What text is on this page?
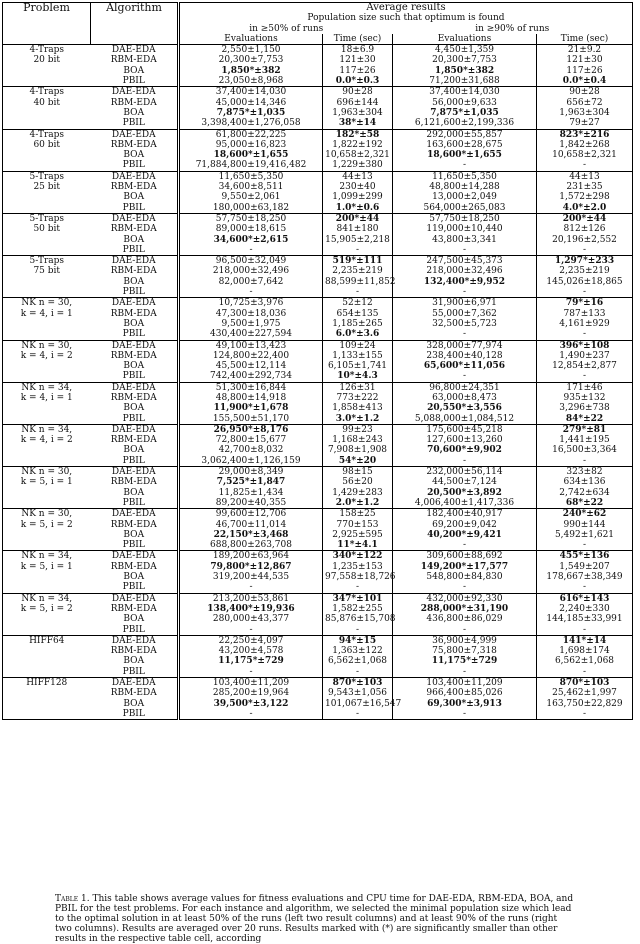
Problem	Algorithm	Average results			
		Population size such that optimum is found			
		in ≥50% of runs		in ≥90% of runs	
		Evaluations	Time (sec)	Evaluations	Time (sec)

4-Traps
20 bit	DAE-EDA	2,550±1,150	18±6.9	4,450±1,359	21±9.2
	RBM-EDA	20,300±7,753	121±30	20,300±7,753	121±30
	BOA	1,850*±382	117±26	1,850*±382	117±26
	PBIL	23,050±8,968	0.0*±0.3	71,200±31,688	0.0*±0.4

4-Traps
40 bit	DAE-EDA	37,400±14,030	90±28	37,400±14,030	90±28
	RBM-EDA	45,000±14,346	696±144	56,000±9,633	656±72
	BOA	7,875*±1,035	1,963±304	7,875*±1,035	1,963±304
	PBIL	3,398,400±1,276,058	38*±14	6,121,600±2,199,336	79±27

4-Traps
60 bit	DAE-EDA	61,800±22,225	182*±58	292,000±55,857	823*±216
	RBM-EDA	95,000±16,823	1,822±192	163,600±28,675	1,842±268
	BOA	18,600*±1,655	10,658±2,321	18,600*±1,655	10,658±2,321
	PBIL	71,884,800±19,416,482	1,229±380	-	-

5-Traps
25 bit	DAE-EDA	11,650±5,350	44±13	11,650±5,350	44±13
	RBM-EDA	34,600±8,511	230±40	48,800±14,288	231±35
	BOA	9,550±2,061	1,099±299	13,000±2,049	1,572±298
	PBIL	180,000±63,182	1.0*±0.6	564,000±265,083	4.0*±2.0

5-Traps
50 bit	DAE-EDA	57,750±18,250	200*±44	57,750±18,250	200*±44
	RBM-EDA	89,000±18,615	841±180	119,000±10,440	812±126
	BOA	34,600*±2,615	15,905±2,218	43,800±3,341	20,196±2,552
	PBIL	-	-	-	-

5-Traps
75 bit	DAE-EDA	96,500±32,049	519*±111	247,500±45,373	1,297*±233
	RBM-EDA	218,000±32,496	2,235±219	218,000±32,496	2,235±219
	BOA	82,000±7,642	88,599±11,852	132,400*±9,952	145,026±18,865
	PBIL	-	-	-	-

NK n = 30,
k = 4, i = 1	DAE-EDA	10,725±3,976	52±12	31,900±6,971	79*±16
	RBM-EDA	47,300±18,036	654±135	55,000±7,362	787±133
	BOA	9,500±1,975	1,185±265	32,500±5,723	4,161±929
	PBIL	430,400±227,594	6.0*±3.6	-	-

NK n = 30,
k = 4, i = 2	DAE-EDA	49,100±13,423	109±24	328,000±77,974	396*±108
	RBM-EDA	124,800±22,400	1,133±155	238,400±40,128	1,490±237
	BOA	45,500±12,114	6,105±1,741	65,600*±11,056	12,854±2,877
	PBIL	742,400±292,734	10*±4.3	-	-

NK n = 34,
k = 4, i = 1	DAE-EDA	51,300±16,844	126±31	96,800±24,351	171±46
	RBM-EDA	48,800±14,918	773±222	63,000±8,473	935±132
	BOA	11,900*±1,678	1,858±413	20,550*±3,556	3,296±738
	PBIL	155,500±51,170	3.0*±1.2	5,088,000±1,084,512	84*±22

NK n = 34,
k = 4, i = 2	DAE-EDA	26,950*±8,176	99±23	175,600±45,218	279*±81
	RBM-EDA	72,800±15,677	1,168±243	127,600±13,260	1,441±195
	BOA	42,700±8,032	7,908±1,908	70,600*±9,902	16,500±3,364
	PBIL	3,062,400±1,126,159	54*±20	-	-

NK n = 30,
k = 5, i = 1	DAE-EDA	29,000±8,349	98±15	232,000±56,114	323±82
	RBM-EDA	7,525*±1,847	56±20	44,500±7,124	634±136
	BOA	11,825±1,434	1,429±283	20,500*±3,892	2,742±634
	PBIL	89,200±40,355	2.0*±1.2	4,006,400±1,417,336	68*±22

NK n = 30,
k = 5, i = 2	DAE-EDA	99,600±12,706	158±25	182,400±40,917	240*±62
	RBM-EDA	46,700±11,014	770±153	69,200±9,042	990±144
	BOA	22,150*±3,468	2,925±595	40,200*±9,421	5,492±1,621
	PBIL	688,800±263,708	11*±4.1	-	-

NK n = 34,
k = 5, i = 1	DAE-EDA	189,200±63,964	340*±122	309,600±88,692	455*±136
	RBM-EDA	79,800*±12,867	1,235±153	149,200*±17,577	1,549±207
	BOA	319,200±44,535	97,558±18,726	548,800±84,830	178,667±38,349
	PBIL	-	-	-	-

NK n = 34,
k = 5, i = 2	DAE-EDA	213,200±53,861	347*±101	432,000±92,330	616*±143
	RBM-EDA	138,400*±19,936	1,582±255	288,000*±31,190	2,240±330
	BOA	280,000±43,377	85,876±15,708	436,800±86,029	144,185±33,991
	PBIL	-	-	-	-

HIFF64	DAE-EDA	22,250±4,097	94*±15	36,900±4,999	141*±14
	RBM-EDA	43,200±4,578	1,363±122	75,800±7,318	1,698±174
	BOA	11,175*±729	6,562±1,068	11,175*±729	6,562±1,068
	PBIL	-	-	-	-

HIFF128	DAE-EDA	103,400±11,209	870*±103	103,400±11,209	870*±103
	RBM-EDA	285,200±19,964	9,543±1,056	966,400±85,026	25,462±1,997
	BOA	39,500*±3,122	101,067±16,547	69,300*±3,913	163,750±22,829
	PBIL	-	-	-	-

Table 1. This table shows average values for fitness evaluations and CPU time for DAE-EDA, RBM-EDA, BOA, and PBIL for the test problems. For each instance and algorithm, we selected the minimal population size which lead to the optimal solution in at least 50% of the runs (left two result columns) and at least 90% of the runs (right two columns). Results are averaged over 20 runs. Results marked with (*) are significantly smaller than other results in the respective table cell, according
